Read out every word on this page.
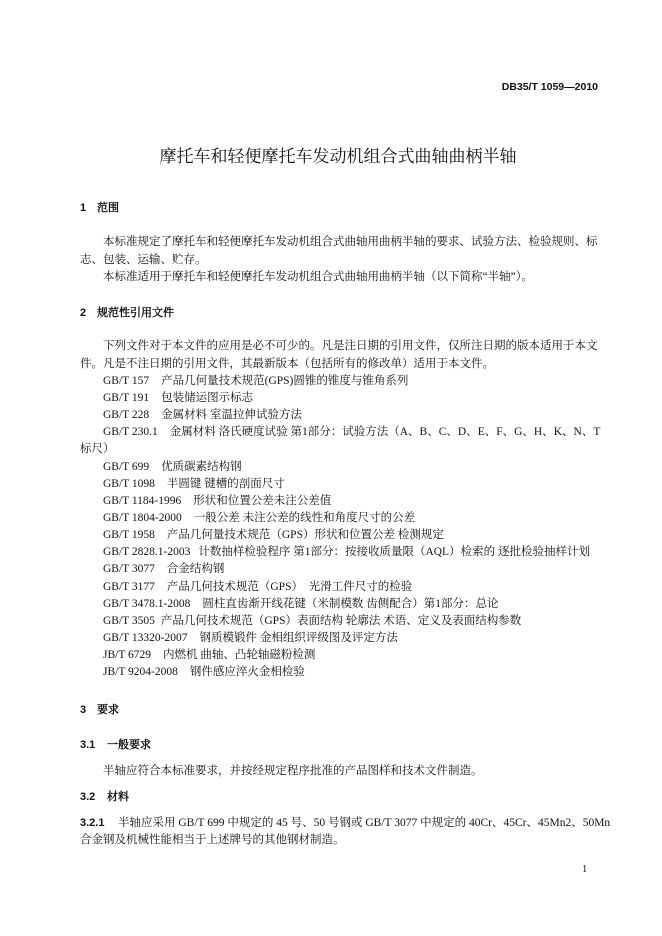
DB35/T 1059—2010
摩托车和轻便摩托车发动机组合式曲轴曲柄半轴
1 范围
本标准规定了摩托车和轻便摩托车发动机组合式曲轴用曲柄半轴的要求、试验方法、检验规则、标
志、包装、运输、贮存。
本标准适用于摩托车和轻便摩托车发动机组合式曲轴用曲柄半轴（以下简称“半轴”）。
2 规范性引用文件
下列文件对于本文件的应用是必不可少的。凡是注日期的引用文件，仅所注日期的版本适用于本文
件。凡是不注日期的引用文件，其最新版本（包括所有的修改单）适用于本文件。
GB/T 157 产品几何量技术规范(GPS)圆锥的锥度与锥角系列
GB/T 191 包装储运图示标志
GB/T 228 金属材料 室温拉伸试验方法
GB/T 230.1 金属材料 洛氏硬度试验 第1部分：试验方法（A、B、C、D、E、F、G、H、K、N、T
标尺）
GB/T 699 优质碳素结构钢
GB/T 1098 半圆键 键槽的剖面尺寸
GB/T 1184-1996 形状和位置公差未注公差值
GB/T 1804-2000 一般公差 未注公差的线性和角度尺寸的公差
GB/T 1958 产品几何量技术规范（GPS）形状和位置公差 检测规定
GB/T 2828.1-2003 计数抽样检验程序 第1部分：按接收质量限（AQL）检索的 逐批检验抽样计划
GB/T 3077 合金结构钢
GB/T 3177 产品几何技术规范（GPS）　光滑工件尺寸的检验
GB/T 3478.1-2008 圆柱直齿渐开线花键（米制模数 齿侧配合）第1部分：总论
GB/T 3505 产品几何技术规范（GPS）表面结构 轮廓法 术语、定义及表面结构参数
GB/T 13320-2007 钢质模锻件 金相组织评级图及评定方法
JB/T 6729 内燃机 曲轴、凸轮轴磁粉检测
JB/T 9204-2008 钢件感应淬火金相检验
3 要求
3.1 一般要求
半轴应符合本标准要求，并按经规定程序批准的产品图样和技术文件制造。
3.2 材料
3.2.1 半轴应采用 GB/T 699 中规定的 45 号、50 号钢或 GB/T 3077 中规定的 40Cr、45Cr、45Mn2、50Mn
合金钢及机械性能相当于上述牌号的其他钢材制造。
1
